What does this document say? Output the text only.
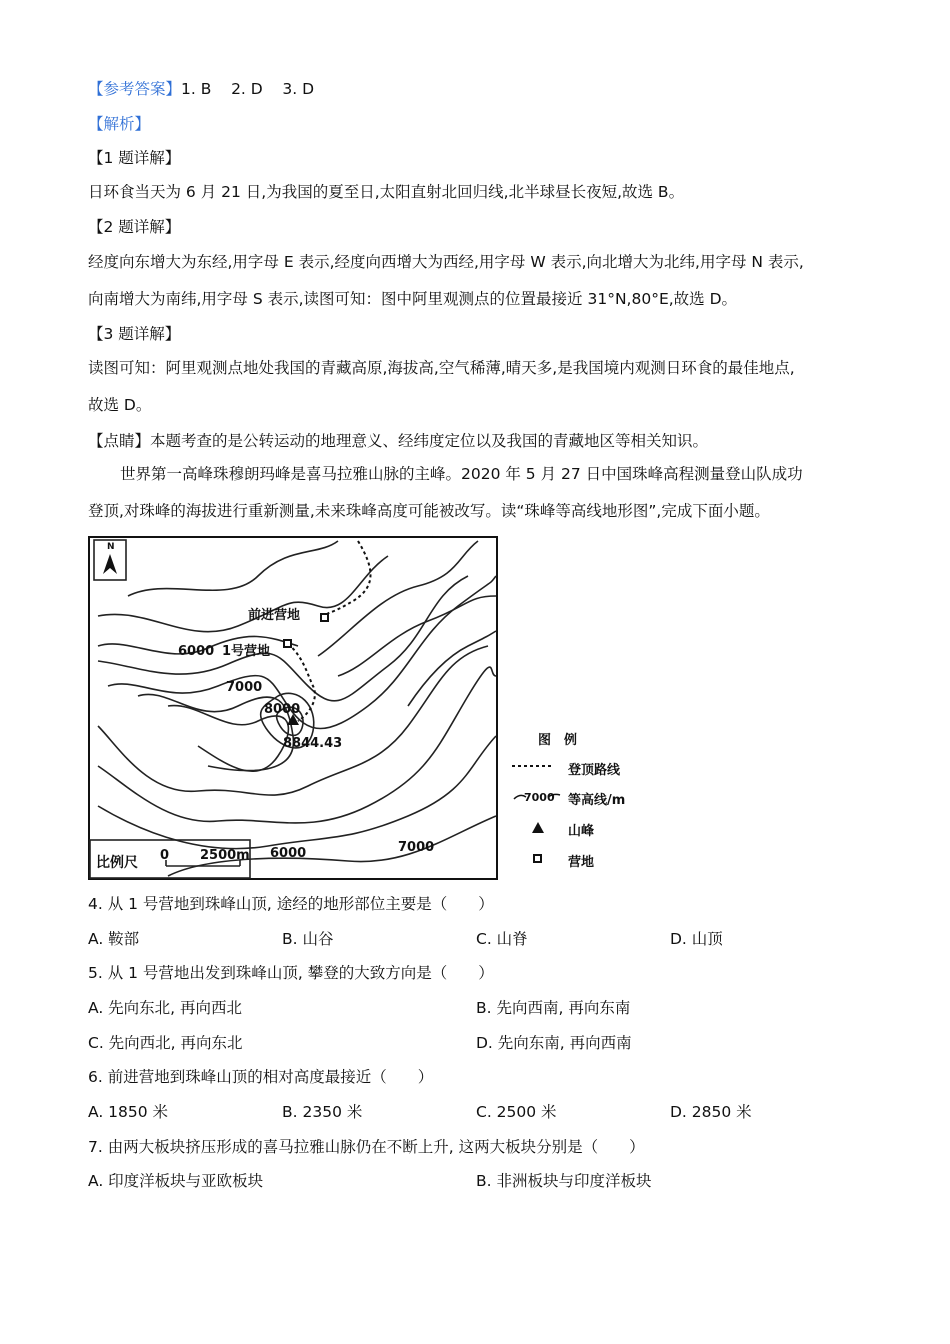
【参考答案】1. B    2. D    3. D
【解析】
【1 题详解】
日环食当天为 6 月 21 日,为我国的夏至日,太阳直射北回归线,北半球昼长夜短,故选 B。
【2 题详解】
经度向东增大为东经,用字母 E 表示,经度向西增大为西经,用字母 W 表示,向北增大为北纬,用字母 N 表示,
向南增大为南纬,用字母 S 表示,读图可知：图中阿里观测点的位置最接近 31°N,80°E,故选 D。
【3 题详解】
读图可知：阿里观测点地处我国的青藏高原,海拔高,空气稀薄,晴天多,是我国境内观测日环食的最佳地点,
故选 D。
【点睛】本题考查的是公转运动的地理意义、经纬度定位以及我国的青藏地区等相关知识。
世界第一高峰珠穆朗玛峰是喜马拉雅山脉的主峰。2020 年 5 月 27 日中国珠峰高程测量登山队成功
登顶,对珠峰的海拔进行重新测量,未来珠峰高度可能被改写。读“珠峰等高线地形图”,完成下面小题。
N
前进营地
1号营地
6000
7000
8000
8844.43
6000	7000
比例尺 0 2500m
图　例
登顶路线
7000 等高线/m
山峰
营地
4. 从 1 号营地到珠峰山顶, 途经的地形部位主要是（　　）
A. 鞍部	B. 山谷	C. 山脊	D. 山顶
5. 从 1 号营地出发到珠峰山顶, 攀登的大致方向是（　　）
A. 先向东北, 再向西北	B. 先向西南, 再向东南
C. 先向西北, 再向东北	D. 先向东南, 再向西南
6. 前进营地到珠峰山顶的相对高度最接近（　　）
A. 1850 米	B. 2350 米	C. 2500 米	D. 2850 米
7. 由两大板块挤压形成的喜马拉雅山脉仍在不断上升, 这两大板块分别是（　　）
A. 印度洋板块与亚欧板块	B. 非洲板块与印度洋板块
